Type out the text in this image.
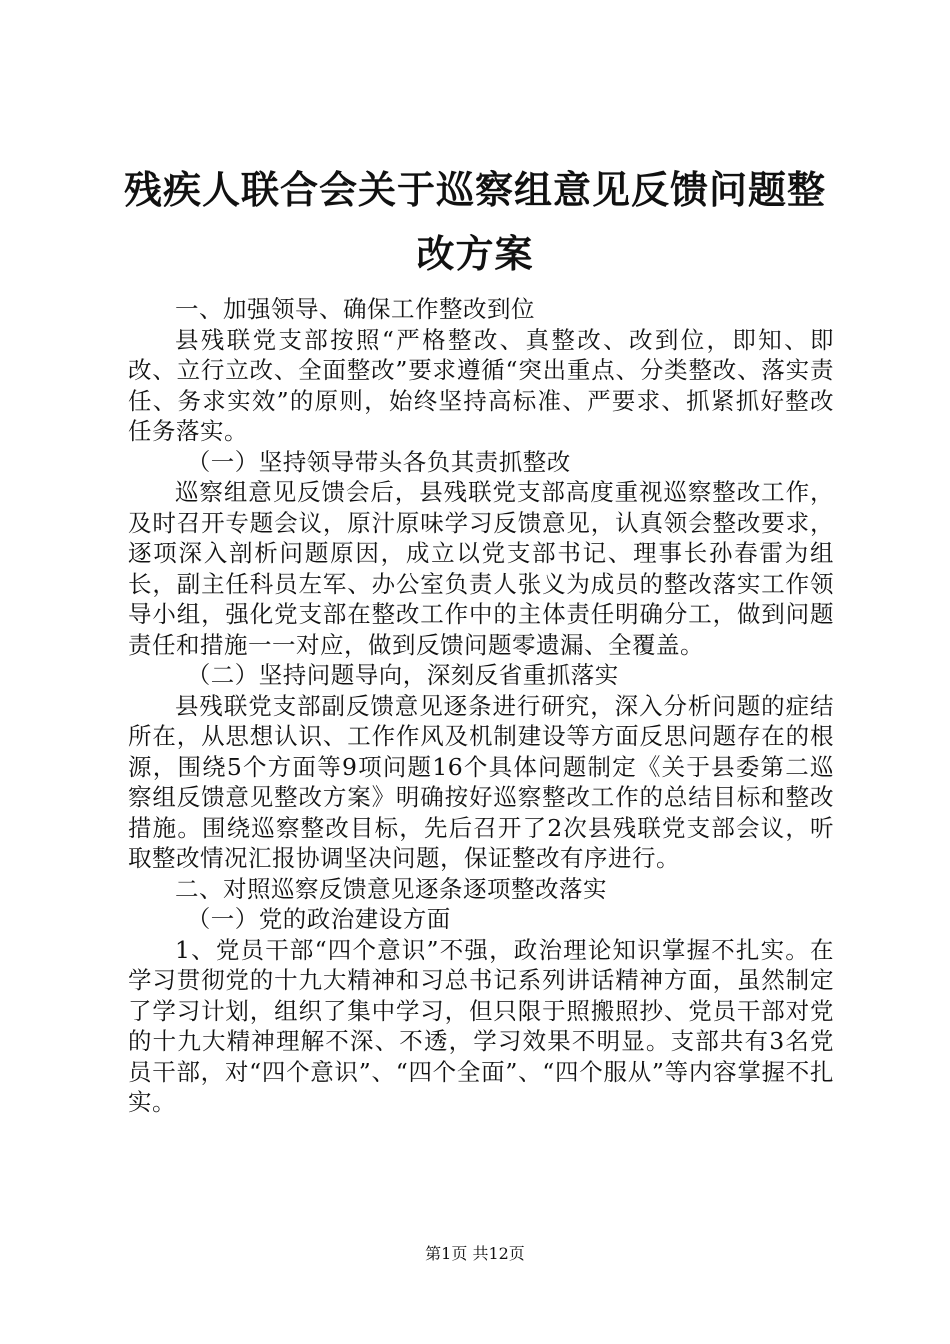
残疾人联合会关于巡察组意见反馈问题整改方案

一、加强领导、确保工作整改到位

县残联党支部按照“严格整改、真整改、改到位，即知、即改、立行立改、全面整改”要求遵循“突出重点、分类整改、落实责任、务求实效”的原则，始终坚持高标准、严要求、抓紧抓好整改任务落实。

（一）坚持领导带头各负其责抓整改

巡察组意见反馈会后，县残联党支部高度重视巡察整改工作，及时召开专题会议，原汁原味学习反馈意见，认真领会整改要求，逐项深入剖析问题原因，成立以党支部书记、理事长孙春雷为组长，副主任科员左军、办公室负责人张义为成员的整改落实工作领导小组，强化党支部在整改工作中的主体责任明确分工，做到问题责任和措施一一对应，做到反馈问题零遗漏、全覆盖。

（二）坚持问题导向，深刻反省重抓落实

县残联党支部副反馈意见逐条进行研究，深入分析问题的症结所在，从思想认识、工作作风及机制建设等方面反思问题存在的根源，围绕5个方面等9项问题16个具体问题制定《关于县委第二巡察组反馈意见整改方案》明确按好巡察整改工作的总结目标和整改措施。围绕巡察整改目标，先后召开了2次县残联党支部会议，听取整改情况汇报协调坚决问题，保证整改有序进行。

二、对照巡察反馈意见逐条逐项整改落实

（一）党的政治建设方面

1、党员干部“四个意识”不强，政治理论知识掌握不扎实。在学习贯彻党的十九大精神和习总书记系列讲话精神方面，虽然制定了学习计划，组织了集中学习，但只限于照搬照抄、党员干部对党的十九大精神理解不深、不透，学习效果不明显。支部共有3名党员干部，对“四个意识”、“四个全面”、“四个服从”等内容掌握不扎实。

第1页 共12页
